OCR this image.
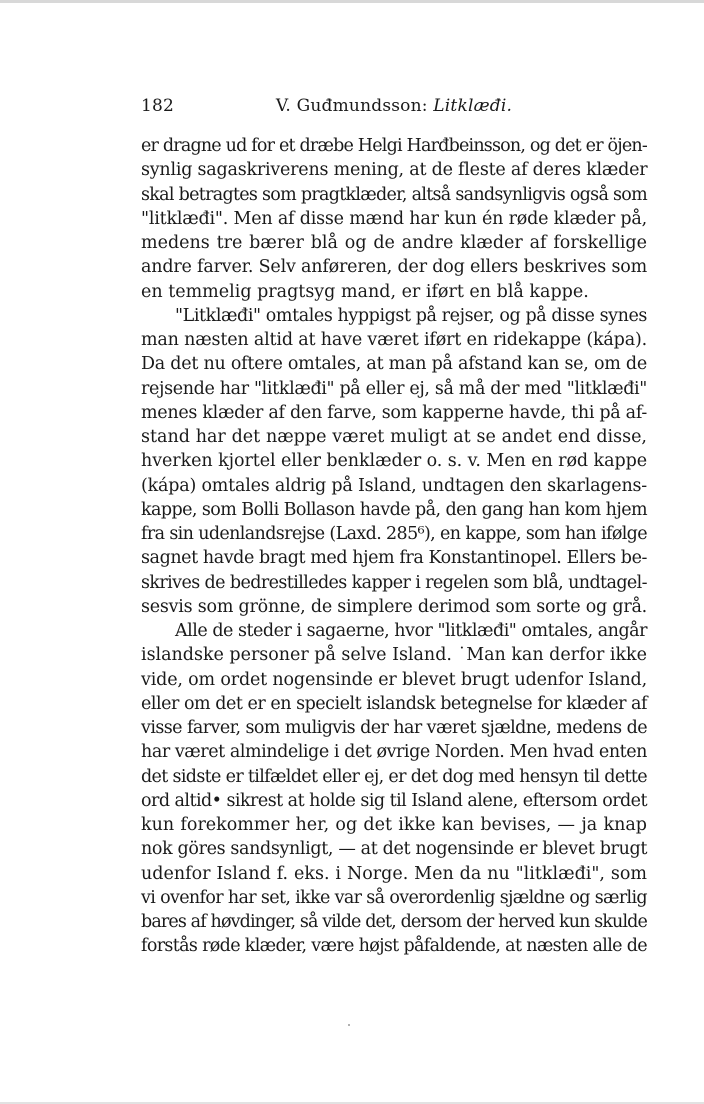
182	V. Guđmundsson: Litklæđi.
er dragne ud for et dræbe Helgi Harđbeinsson, og det er öjen-
synlig sagaskriverens mening, at de fleste af deres klæder
skal betragtes som pragtklæder, altså sandsynligvis også som
"litklæđi". Men af disse mænd har kun én røde klæder på,
medens tre bærer blå og de andre klæder af forskellige
andre farver. Selv anføreren, der dog ellers beskrives som
en temmelig pragtsyg mand, er iført en blå kappe.
"Litklæđi" omtales hyppigst på rejser, og på disse synes
man næsten altid at have været iført en ridekappe (kápa).
Da det nu oftere omtales, at man på afstand kan se, om de
rejsende har "litklæđi" på eller ej, så må der med "litklæđi"
menes klæder af den farve, som kapperne havde, thi på af-
stand har det næppe været muligt at se andet end disse,
hverken kjortel eller benklæder o. s. v. Men en rød kappe
(kápa) omtales aldrig på Island, undtagen den skarlagens-
kappe, som Bolli Bollason havde på, den gang han kom hjem
fra sin udenlandsrejse (Laxd. 285⁶), en kappe, som han ifølge
sagnet havde bragt med hjem fra Konstantinopel. Ellers be-
skrives de bedrestilledes kapper i regelen som blå, undtagel-
sesvis som grönne, de simplere derimod som sorte og grå.
Alle de steder i sagaerne, hvor "litklæđi" omtales, angår
islandske personer på selve Island. ˙Man kan derfor ikke
vide, om ordet nogensinde er blevet brugt udenfor Island,
eller om det er en specielt islandsk betegnelse for klæder af
visse farver, som muligvis der har været sjældne, medens de
har været almindelige i det øvrige Norden. Men hvad enten
det sidste er tilfældet eller ej, er det dog med hensyn til dette
ord altid• sikrest at holde sig til Island alene, eftersom ordet
kun forekommer her, og det ikke kan bevises, — ja knap
nok göres sandsynligt, — at det nogensinde er blevet brugt
udenfor Island f. eks. i Norge. Men da nu "litklæđi", som
vi ovenfor har set, ikke var så overordenlig sjældne og særlig
bares af høvdinger, så vilde det, dersom der herved kun skulde
forstås røde klæder, være højst påfaldende, at næsten alle de
